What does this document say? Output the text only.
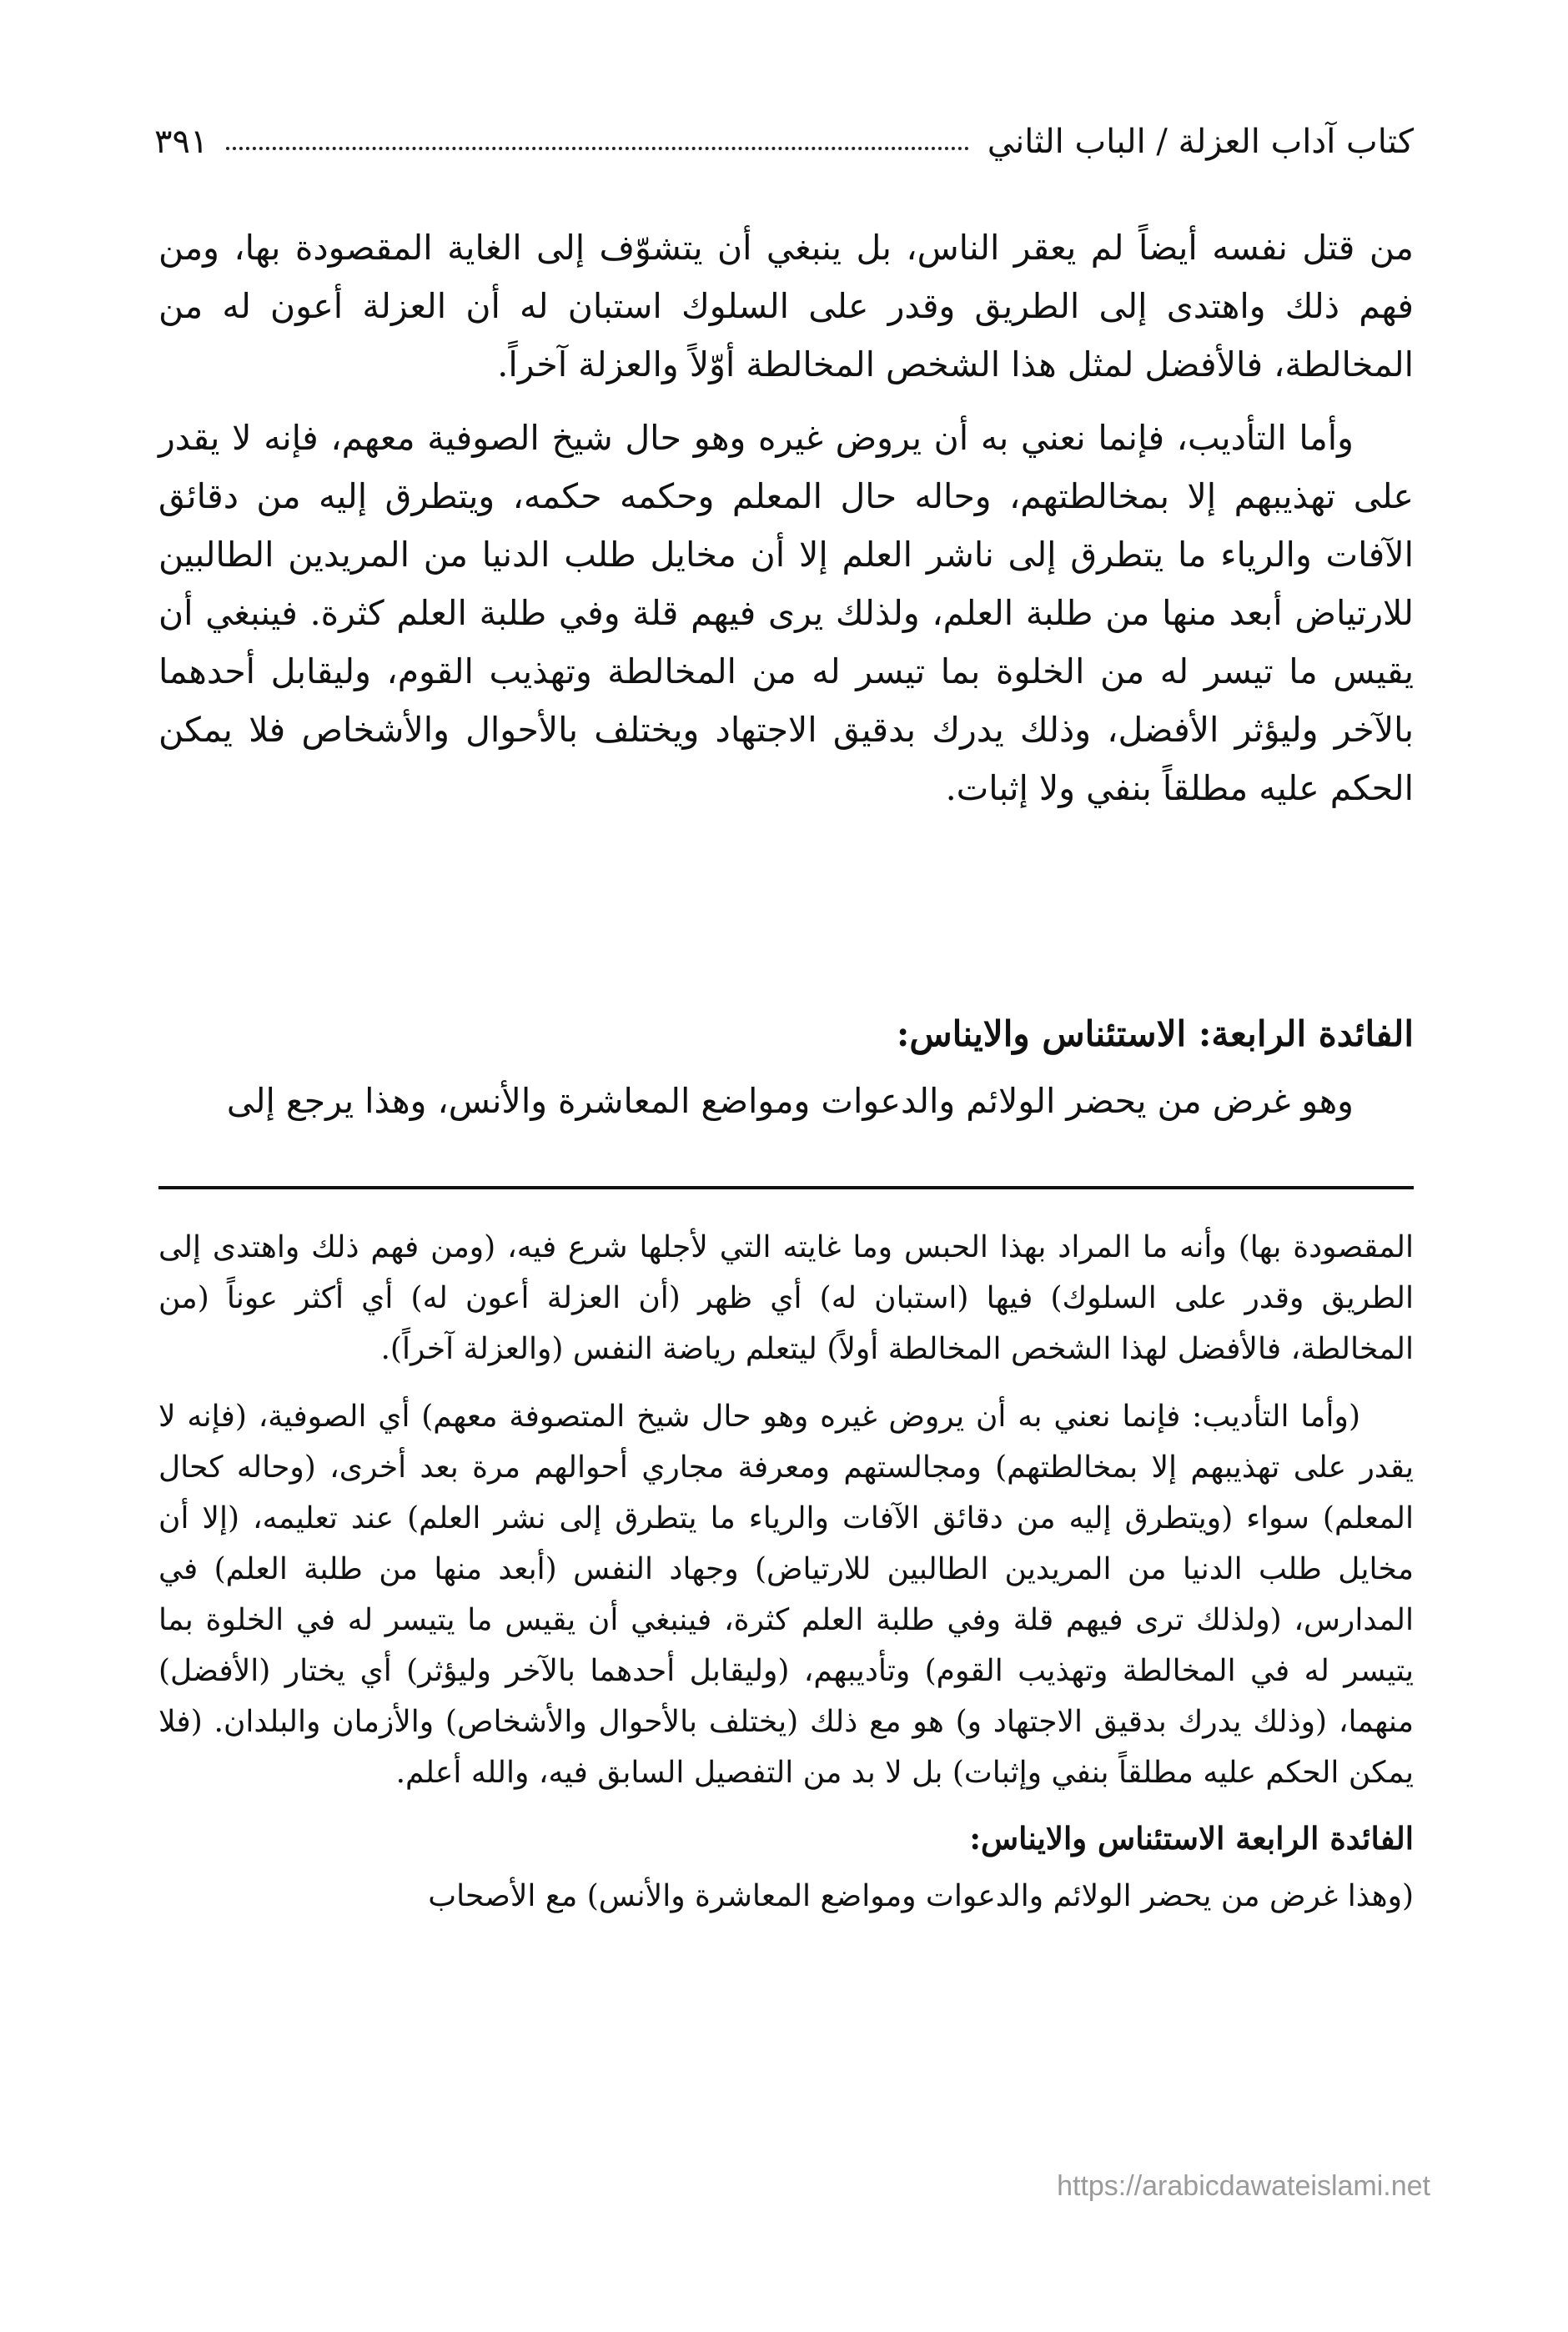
كتاب آداب العزلة / الباب الثاني
٣٩١

من قتل نفسه أيضاً لم يعقر الناس، بل ينبغي أن يتشوّف إلى الغاية المقصودة بها، ومن فهم ذلك واهتدى إلى الطريق وقدر على السلوك استبان له أن العزلة أعون له من المخالطة، فالأفضل لمثل هذا الشخص المخالطة أوّلاً والعزلة آخراً.

وأما التأديب، فإنما نعني به أن يروض غيره وهو حال شيخ الصوفية معهم، فإنه لا يقدر على تهذيبهم إلا بمخالطتهم، وحاله حال المعلم وحكمه حكمه، ويتطرق إليه من دقائق الآفات والرياء ما يتطرق إلى ناشر العلم إلا أن مخايل طلب الدنيا من المريدين الطالبين للارتياض أبعد منها من طلبة العلم، ولذلك يرى فيهم قلة وفي طلبة العلم كثرة. فينبغي أن يقيس ما تيسر له من الخلوة بما تيسر له من المخالطة وتهذيب القوم، وليقابل أحدهما بالآخر وليؤثر الأفضل، وذلك يدرك بدقيق الاجتهاد ويختلف بالأحوال والأشخاص فلا يمكن الحكم عليه مطلقاً بنفي ولا إثبات.

الفائدة الرابعة: الاستئناس والايناس:
وهو غرض من يحضر الولائم والدعوات ومواضع المعاشرة والأنس، وهذا يرجع إلى

المقصودة بها) وأنه ما المراد بهذا الحبس وما غايته التي لأجلها شرع فيه، (ومن فهم ذلك واهتدى إلى الطريق وقدر على السلوك) فيها (استبان له) أي ظهر (أن العزلة أعون له) أي أكثر عوناً (من المخالطة، فالأفضل لهذا الشخص المخالطة أولاً) ليتعلم رياضة النفس (والعزلة آخراً).

(وأما التأديب: فإنما نعني به أن يروض غيره وهو حال شيخ المتصوفة معهم) أي الصوفية، (فإنه لا يقدر على تهذيبهم إلا بمخالطتهم) ومجالستهم ومعرفة مجاري أحوالهم مرة بعد أخرى، (وحاله كحال المعلم) سواء (ويتطرق إليه من دقائق الآفات والرياء ما يتطرق إلى نشر العلم) عند تعليمه، (إلا أن مخايل طلب الدنيا من المريدين الطالبين للارتياض) وجهاد النفس (أبعد منها من طلبة العلم) في المدارس، (ولذلك ترى فيهم قلة وفي طلبة العلم كثرة، فينبغي أن يقيس ما يتيسر له في الخلوة بما يتيسر له في المخالطة وتهذيب القوم) وتأديبهم، (وليقابل أحدهما بالآخر وليؤثر) أي يختار (الأفضل) منهما، (وذلك يدرك بدقيق الاجتهاد و) هو مع ذلك (يختلف بالأحوال والأشخاص) والأزمان والبلدان. (فلا يمكن الحكم عليه مطلقاً بنفي وإثبات) بل لا بد من التفصيل السابق فيه، والله أعلم.

الفائدة الرابعة الاستئناس والايناس:

(وهذا غرض من يحضر الولائم والدعوات ومواضع المعاشرة والأنس) مع الأصحاب

https://arabicdawateislami.net
